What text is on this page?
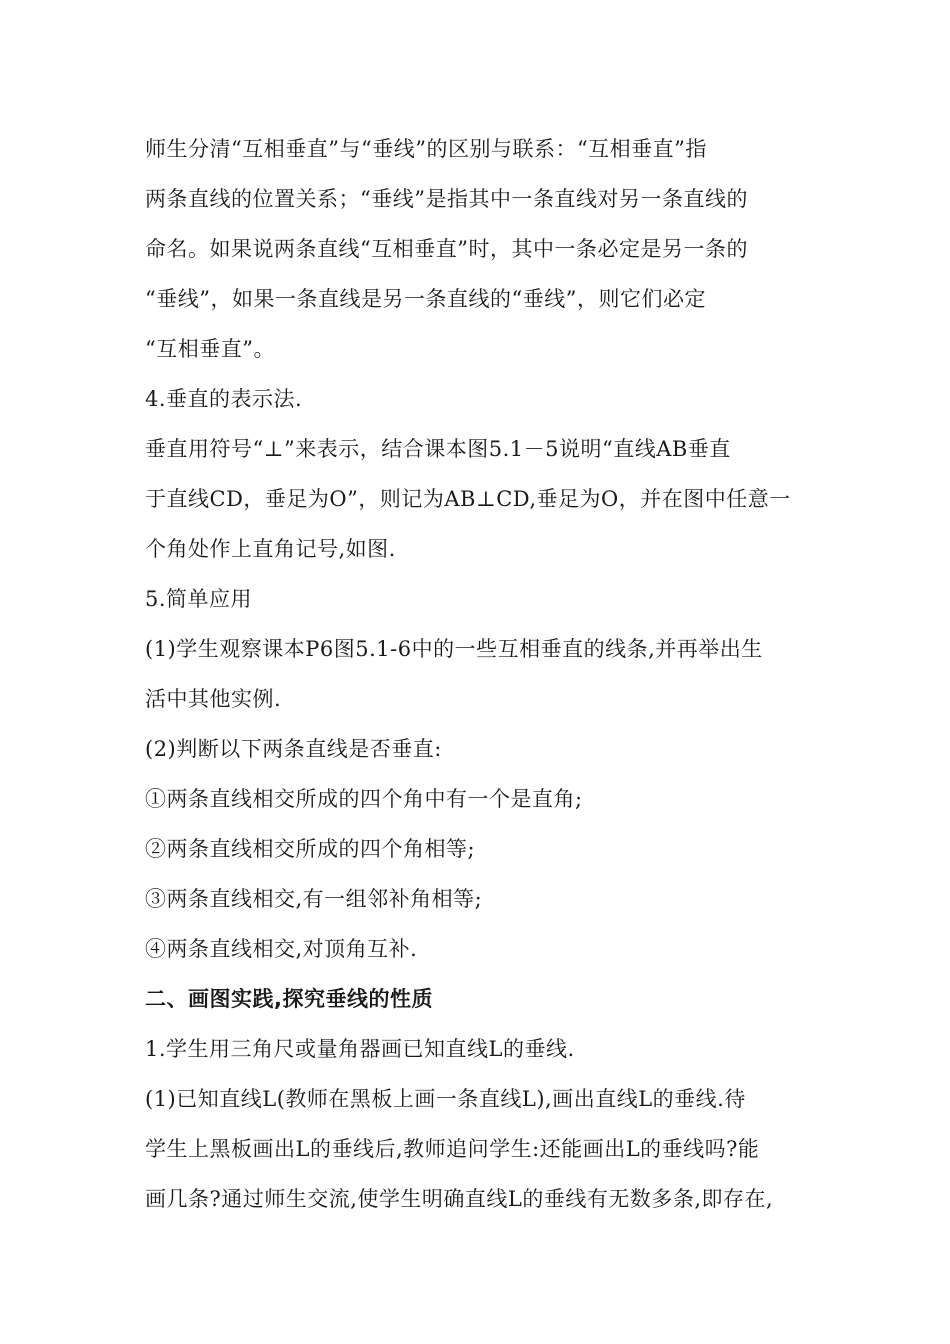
师生分清“互相垂直”与“垂线”的区别与联系：“互相垂直”指
两条直线的位置关系；“垂线”是指其中一条直线对另一条直线的
命名。如果说两条直线“互相垂直”时，其中一条必定是另一条的
“垂线”，如果一条直线是另一条直线的“垂线”，则它们必定
“互相垂直”。
4.垂直的表示法.
垂直用符号“⊥”来表示，结合课本图5.1－5说明“直线AB垂直
于直线CD，垂足为O”，则记为AB⊥CD,垂足为O，并在图中任意一
个角处作上直角记号,如图.
5.简单应用
(1)学生观察课本P6图5.1-6中的一些互相垂直的线条,并再举出生
活中其他实例.
(2)判断以下两条直线是否垂直:
①两条直线相交所成的四个角中有一个是直角;
②两条直线相交所成的四个角相等;
③两条直线相交,有一组邻补角相等;
④两条直线相交,对顶角互补.
二、画图实践,探究垂线的性质
1.学生用三角尺或量角器画已知直线L的垂线.
(1)已知直线L(教师在黑板上画一条直线L),画出直线L的垂线.待
学生上黑板画出L的垂线后,教师追问学生:还能画出L的垂线吗?能
画几条?通过师生交流,使学生明确直线L的垂线有无数多条,即存在,
